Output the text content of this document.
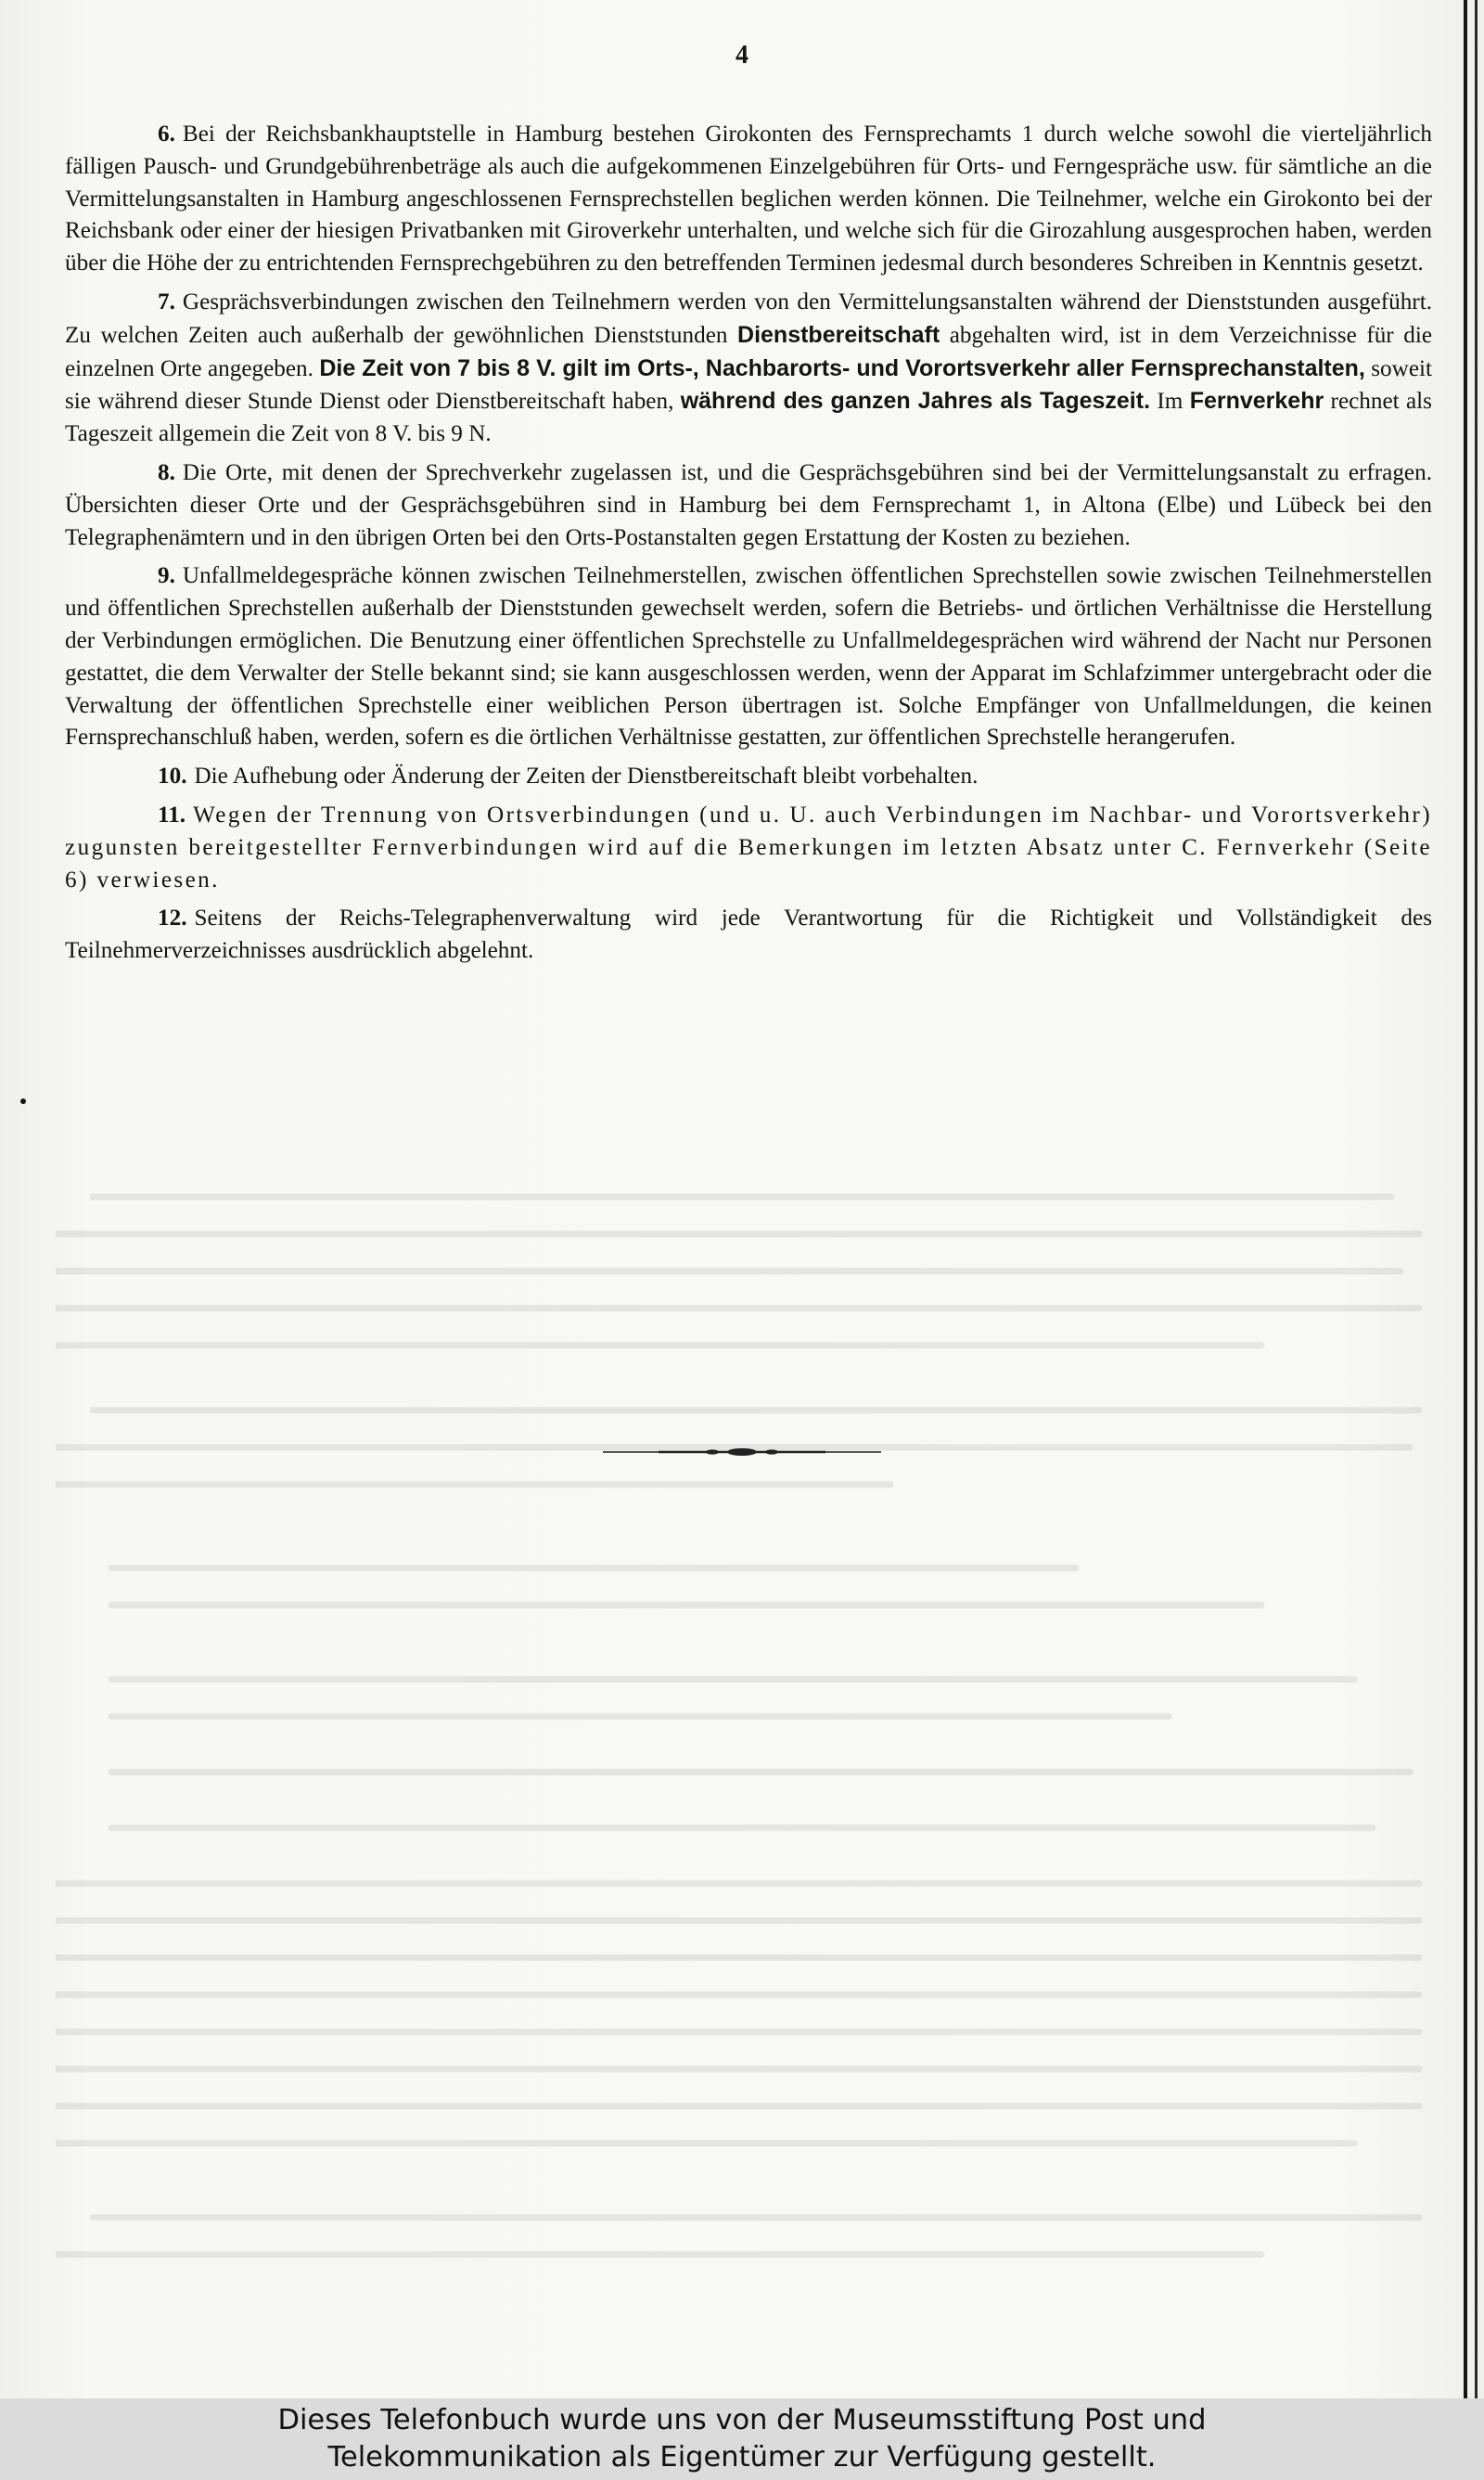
4

6. Bei der Reichsbankhauptstelle in Hamburg bestehen Girokonten des Fernsprechamts 1 durch welche sowohl die vierteljährlich fälligen Pausch- und Grundgebührenbeträge als auch die aufgekommenen Einzelgebühren für Orts- und Ferngespräche usw. für sämtliche an die Vermittelungsanstalten in Hamburg angeschlossenen Fernsprechstellen beglichen werden können. Die Teilnehmer, welche ein Girokonto bei der Reichsbank oder einer der hiesigen Privatbanken mit Giroverkehr unterhalten, und welche sich für die Girozahlung ausgesprochen haben, werden über die Höhe der zu entrichtenden Fernsprechgebühren zu den betreffenden Terminen jedesmal durch besonderes Schreiben in Kenntnis gesetzt.

7. Gesprächsverbindungen zwischen den Teilnehmern werden von den Vermittelungsanstalten während der Dienststunden ausgeführt. Zu welchen Zeiten auch außerhalb der gewöhnlichen Dienststunden Dienstbereitschaft abgehalten wird, ist in dem Verzeichnisse für die einzelnen Orte angegeben. Die Zeit von 7 bis 8 V. gilt im Orts-, Nachbarorts- und Vorortsverkehr aller Fernsprechanstalten, soweit sie während dieser Stunde Dienst oder Dienstbereitschaft haben, während des ganzen Jahres als Tageszeit. Im Fernverkehr rechnet als Tageszeit allgemein die Zeit von 8 V. bis 9 N.

8. Die Orte, mit denen der Sprechverkehr zugelassen ist, und die Gesprächsgebühren sind bei der Vermittelungsanstalt zu erfragen. Übersichten dieser Orte und der Gesprächsgebühren sind in Hamburg bei dem Fernsprechamt 1, in Altona (Elbe) und Lübeck bei den Telegraphenämtern und in den übrigen Orten bei den Orts-Postanstalten gegen Erstattung der Kosten zu beziehen.

9. Unfallmeldegespräche können zwischen Teilnehmerstellen, zwischen öffentlichen Sprechstellen sowie zwischen Teilnehmerstellen und öffentlichen Sprechstellen außerhalb der Dienststunden gewechselt werden, sofern die Betriebs- und örtlichen Verhältnisse die Herstellung der Verbindungen ermöglichen. Die Benutzung einer öffentlichen Sprechstelle zu Unfallmeldegesprächen wird während der Nacht nur Personen gestattet, die dem Verwalter der Stelle bekannt sind; sie kann ausgeschlossen werden, wenn der Apparat im Schlafzimmer untergebracht oder die Verwaltung der öffentlichen Sprechstelle einer weiblichen Person übertragen ist. Solche Empfänger von Unfallmeldungen, die keinen Fernsprechanschluß haben, werden, sofern es die örtlichen Verhältnisse gestatten, zur öffentlichen Sprechstelle herangerufen.

10. Die Aufhebung oder Änderung der Zeiten der Dienstbereitschaft bleibt vorbehalten.

11. Wegen der Trennung von Ortsverbindungen (und u. U. auch Verbindungen im Nachbar- und Vorortsverkehr) zugunsten bereitgestellter Fernverbindungen wird auf die Bemerkungen im letzten Absatz unter C. Fernverkehr (Seite 6) verwiesen.

12. Seitens der Reichs-Telegraphenverwaltung wird jede Verantwortung für die Richtigkeit und Vollständigkeit des Teilnehmerverzeichnisses ausdrücklich abgelehnt.

Dieses Telefonbuch wurde uns von der Museumsstiftung Post und
Telekommunikation als Eigentümer zur Verfügung gestellt.
